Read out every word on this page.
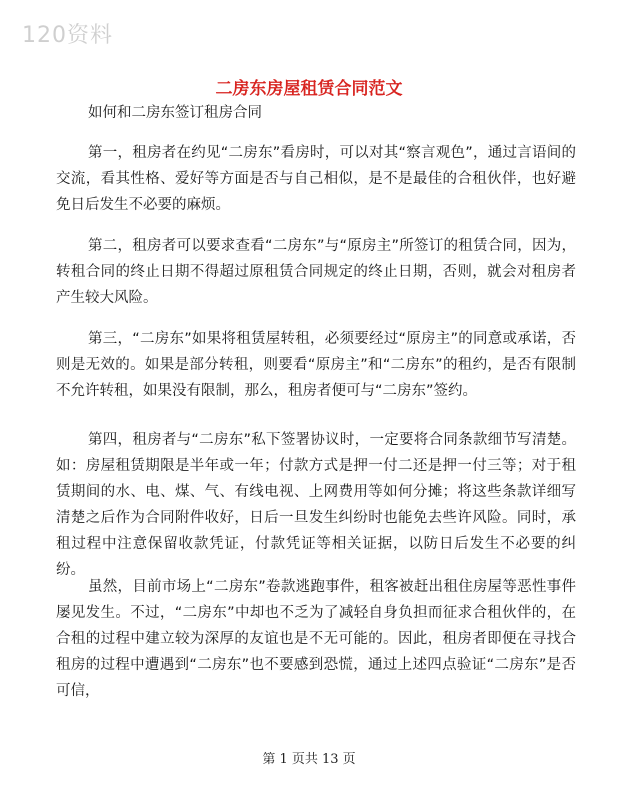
120资料
二房东房屋租赁合同范文
如何和二房东签订租房合同

第一，租房者在约见“二房东”看房时，可以对其“察言观色”，通过言语间的交流，看其性格、爱好等方面是否与自己相似，是不是最佳的合租伙伴，也好避免日后发生不必要的麻烦。

第二，租房者可以要求查看“二房东”与“原房主”所签订的租赁合同，因为，转租合同的终止日期不得超过原租赁合同规定的终止日期，否则，就会对租房者产生较大风险。

第三，“二房东”如果将租赁屋转租，必须要经过“原房主”的同意或承诺，否则是无效的。如果是部分转租，则要看“原房主”和“二房东”的租约，是否有限制不允许转租，如果没有限制，那么，租房者便可与“二房东”签约。

第四，租房者与“二房东”私下签署协议时，一定要将合同条款细节写清楚。如：房屋租赁期限是半年或一年；付款方式是押一付二还是押一付三等；对于租赁期间的水、电、煤、气、有线电视、上网费用等如何分摊；将这些条款详细写清楚之后作为合同附件收好，日后一旦发生纠纷时也能免去些许风险。同时，承租过程中注意保留收款凭证，付款凭证等相关证据，以防日后发生不必要的纠纷。

虽然，目前市场上“二房东”卷款逃跑事件，租客被赶出租住房屋等恶性事件屡见发生。不过，“二房东”中却也不乏为了减轻自身负担而征求合租伙伴的，在合租的过程中建立较为深厚的友谊也是不无可能的。因此，租房者即便在寻找合租房的过程中遭遇到“二房东”也不要感到恐慌，通过上述四点验证“二房东”是否可信，

第 1 页共 13 页
